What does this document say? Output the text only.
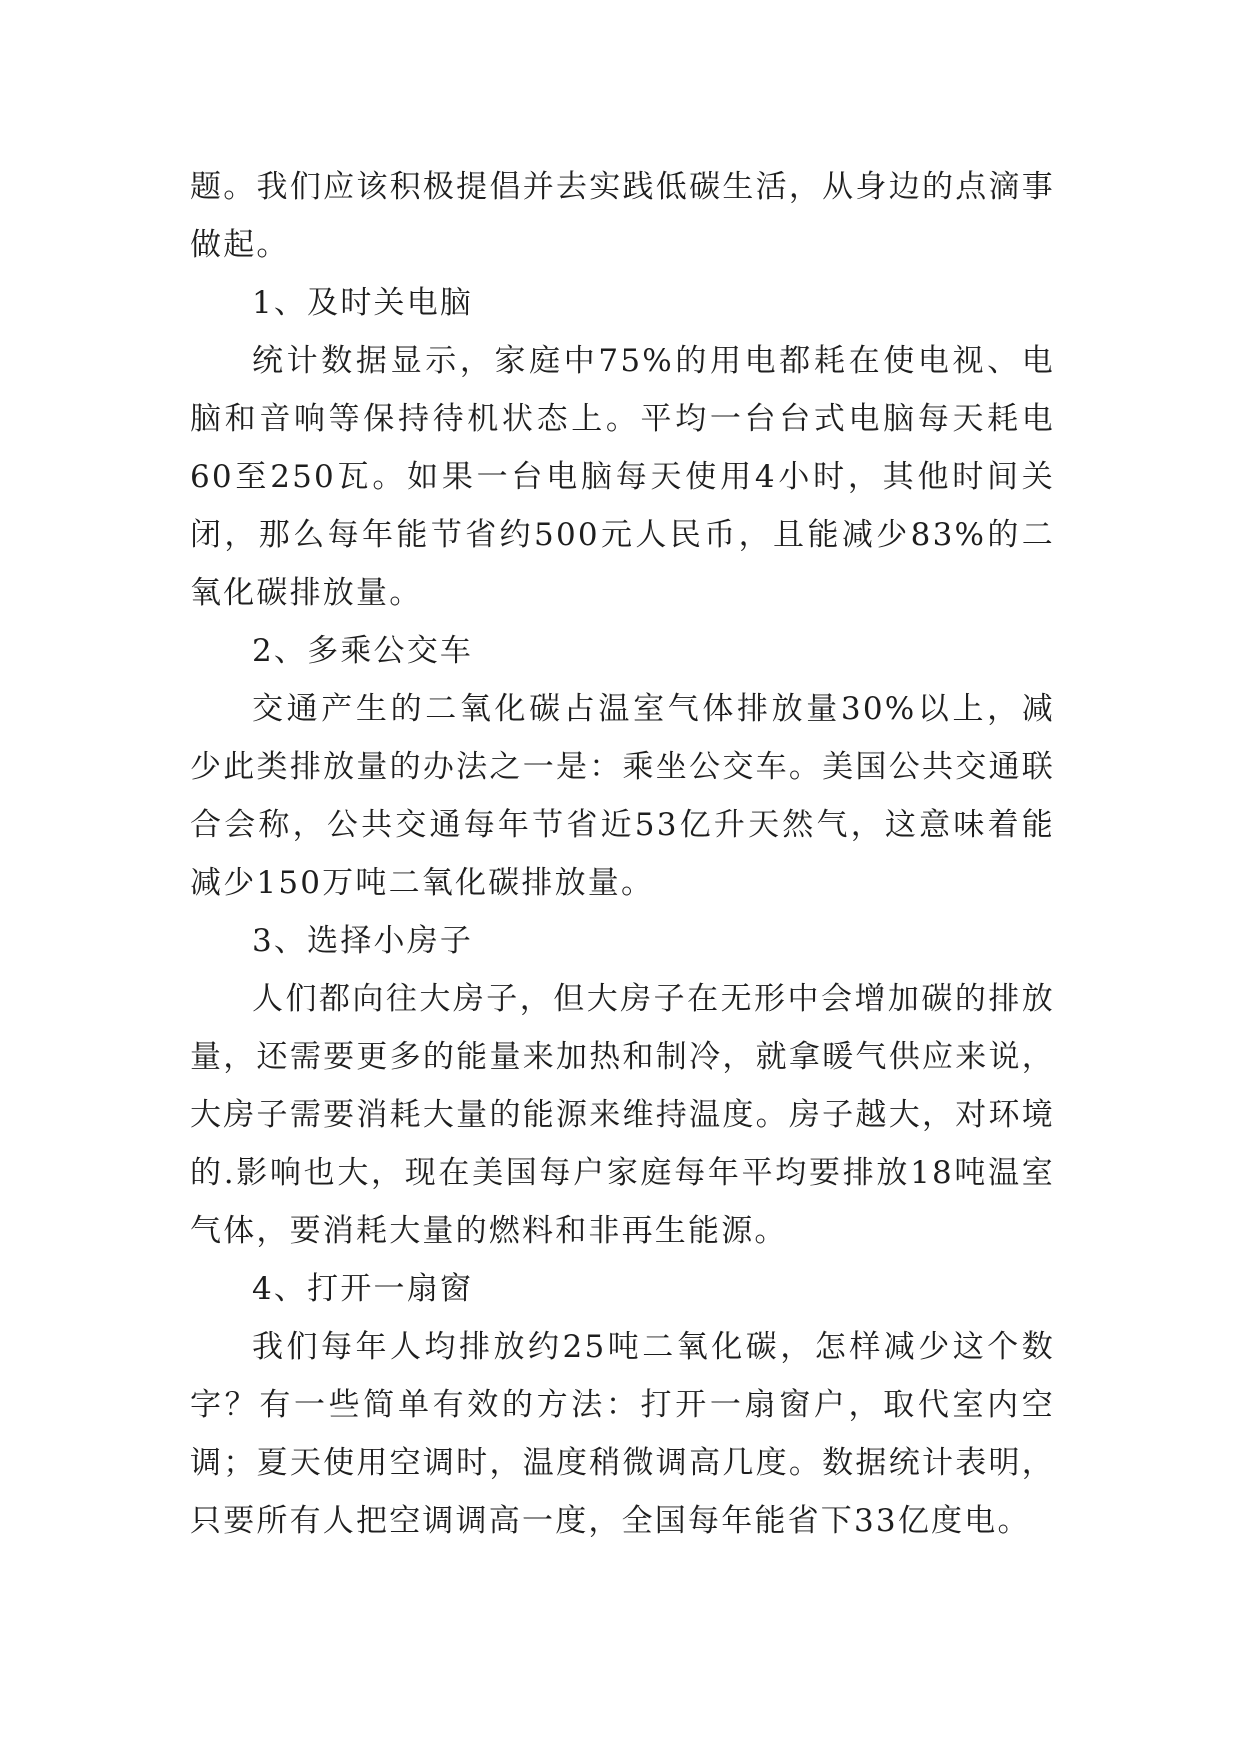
题。我们应该积极提倡并去实践低碳生活，从身边的点滴事做起。

1、及时关电脑

统计数据显示，家庭中75%的用电都耗在使电视、电脑和音响等保持待机状态上。平均一台台式电脑每天耗电60至250瓦。如果一台电脑每天使用4小时，其他时间关闭，那么每年能节省约500元人民币，且能减少83%的二氧化碳排放量。

2、多乘公交车

交通产生的二氧化碳占温室气体排放量30%以上，减少此类排放量的办法之一是：乘坐公交车。美国公共交通联合会称，公共交通每年节省近53亿升天然气，这意味着能减少150万吨二氧化碳排放量。

3、选择小房子

人们都向往大房子，但大房子在无形中会增加碳的排放量，还需要更多的能量来加热和制冷，就拿暖气供应来说，大房子需要消耗大量的能源来维持温度。房子越大，对环境的.影响也大，现在美国每户家庭每年平均要排放18吨温室气体，要消耗大量的燃料和非再生能源。

4、打开一扇窗

我们每年人均排放约25吨二氧化碳，怎样减少这个数字？有一些简单有效的方法：打开一扇窗户，取代室内空调；夏天使用空调时，温度稍微调高几度。数据统计表明，只要所有人把空调调高一度，全国每年能省下33亿度电。
